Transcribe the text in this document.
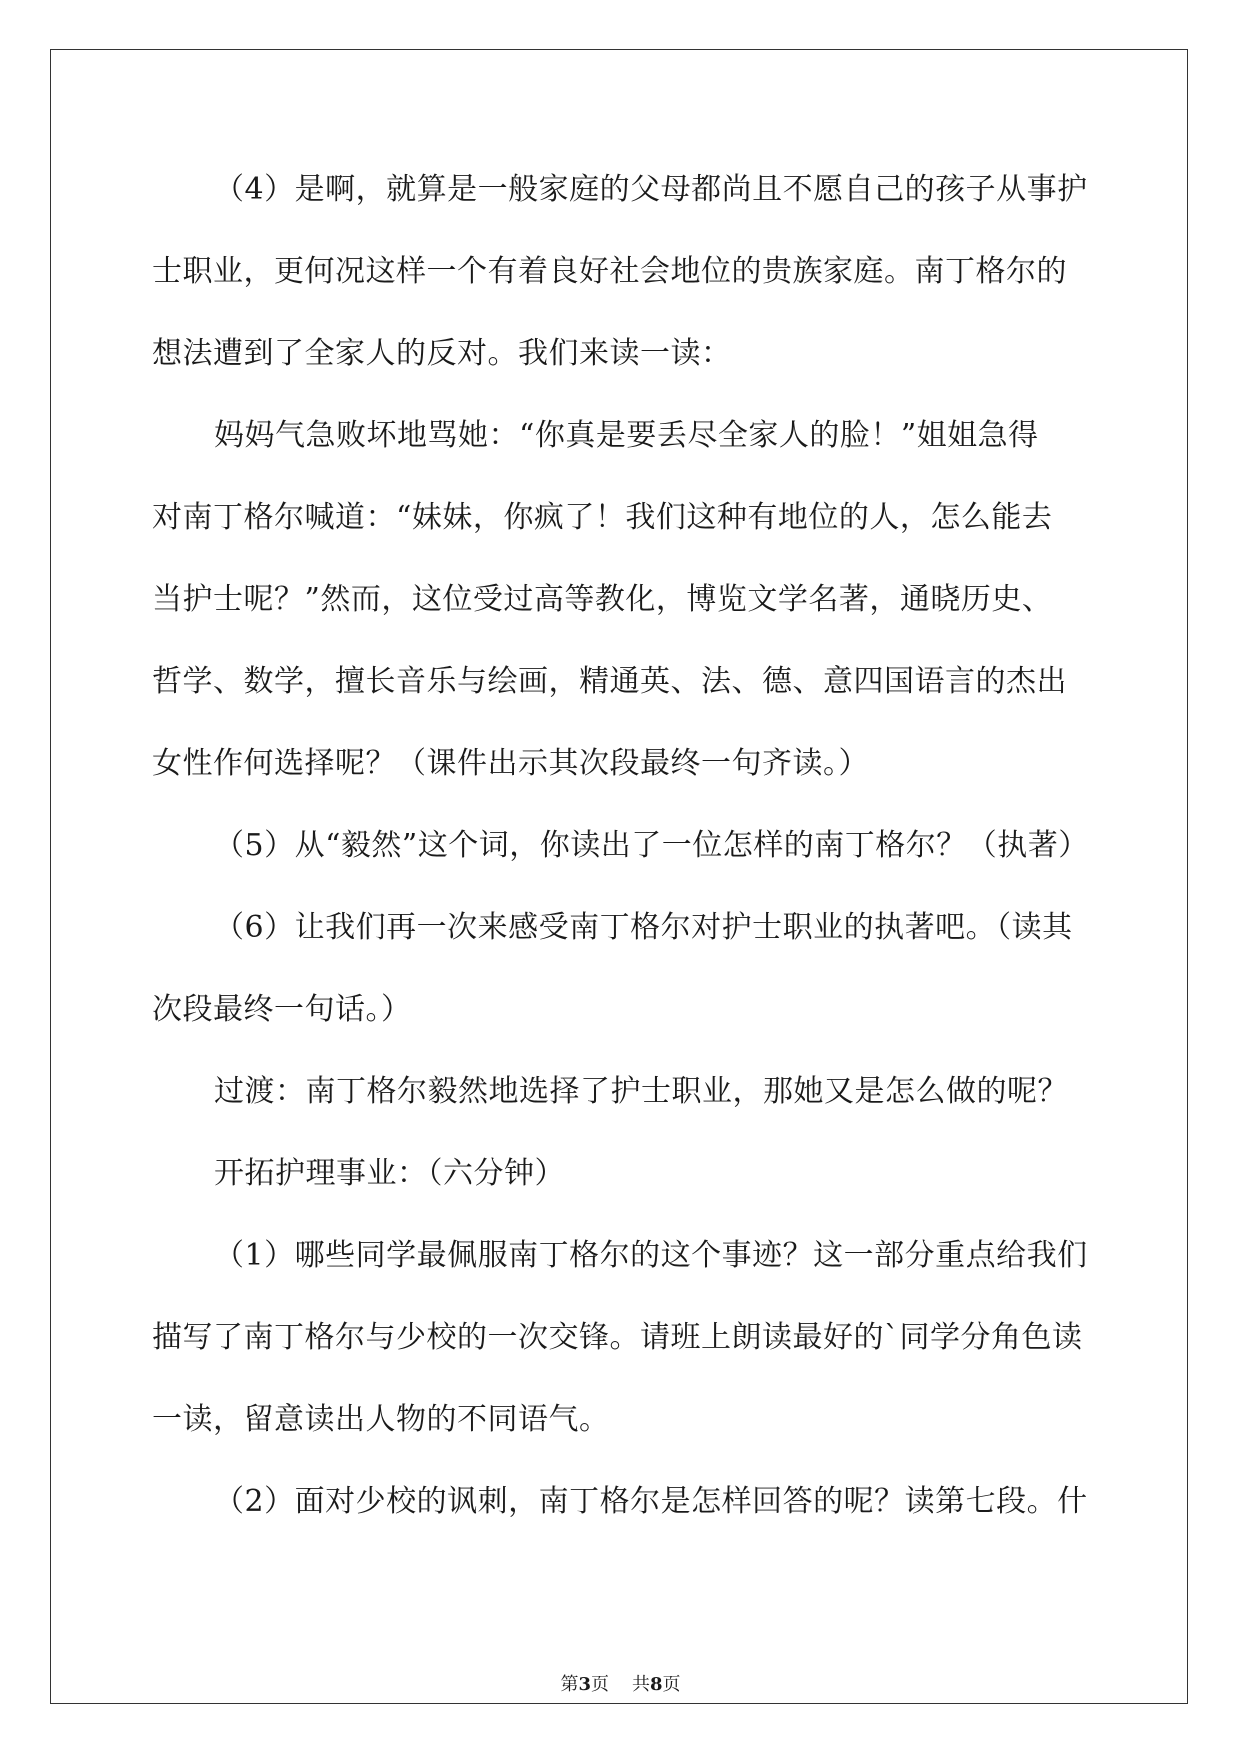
（4）是啊，就算是一般家庭的父母都尚且不愿自己的孩子从事护
士职业，更何况这样一个有着良好社会地位的贵族家庭。南丁格尔的
想法遭到了全家人的反对。我们来读一读：
妈妈气急败坏地骂她：“你真是要丢尽全家人的脸！”姐姐急得
对南丁格尔喊道：“妹妹，你疯了！我们这种有地位的人，怎么能去
当护士呢？”然而，这位受过高等教化，博览文学名著，通晓历史、
哲学、数学，擅长音乐与绘画，精通英、法、德、意四国语言的杰出
女性作何选择呢？（课件出示其次段最终一句齐读。）
（5）从“毅然”这个词，你读出了一位怎样的南丁格尔？（执著）
（6）让我们再一次来感受南丁格尔对护士职业的执著吧。（读其
次段最终一句话。）
过渡：南丁格尔毅然地选择了护士职业，那她又是怎么做的呢？
开拓护理事业：（六分钟）
（1）哪些同学最佩服南丁格尔的这个事迹？这一部分重点给我们
描写了南丁格尔与少校的一次交锋。请班上朗读最好的`同学分角色读
一读，留意读出人物的不同语气。
（2）面对少校的讽刺，南丁格尔是怎样回答的呢？读第七段。什
第3页 共8页
